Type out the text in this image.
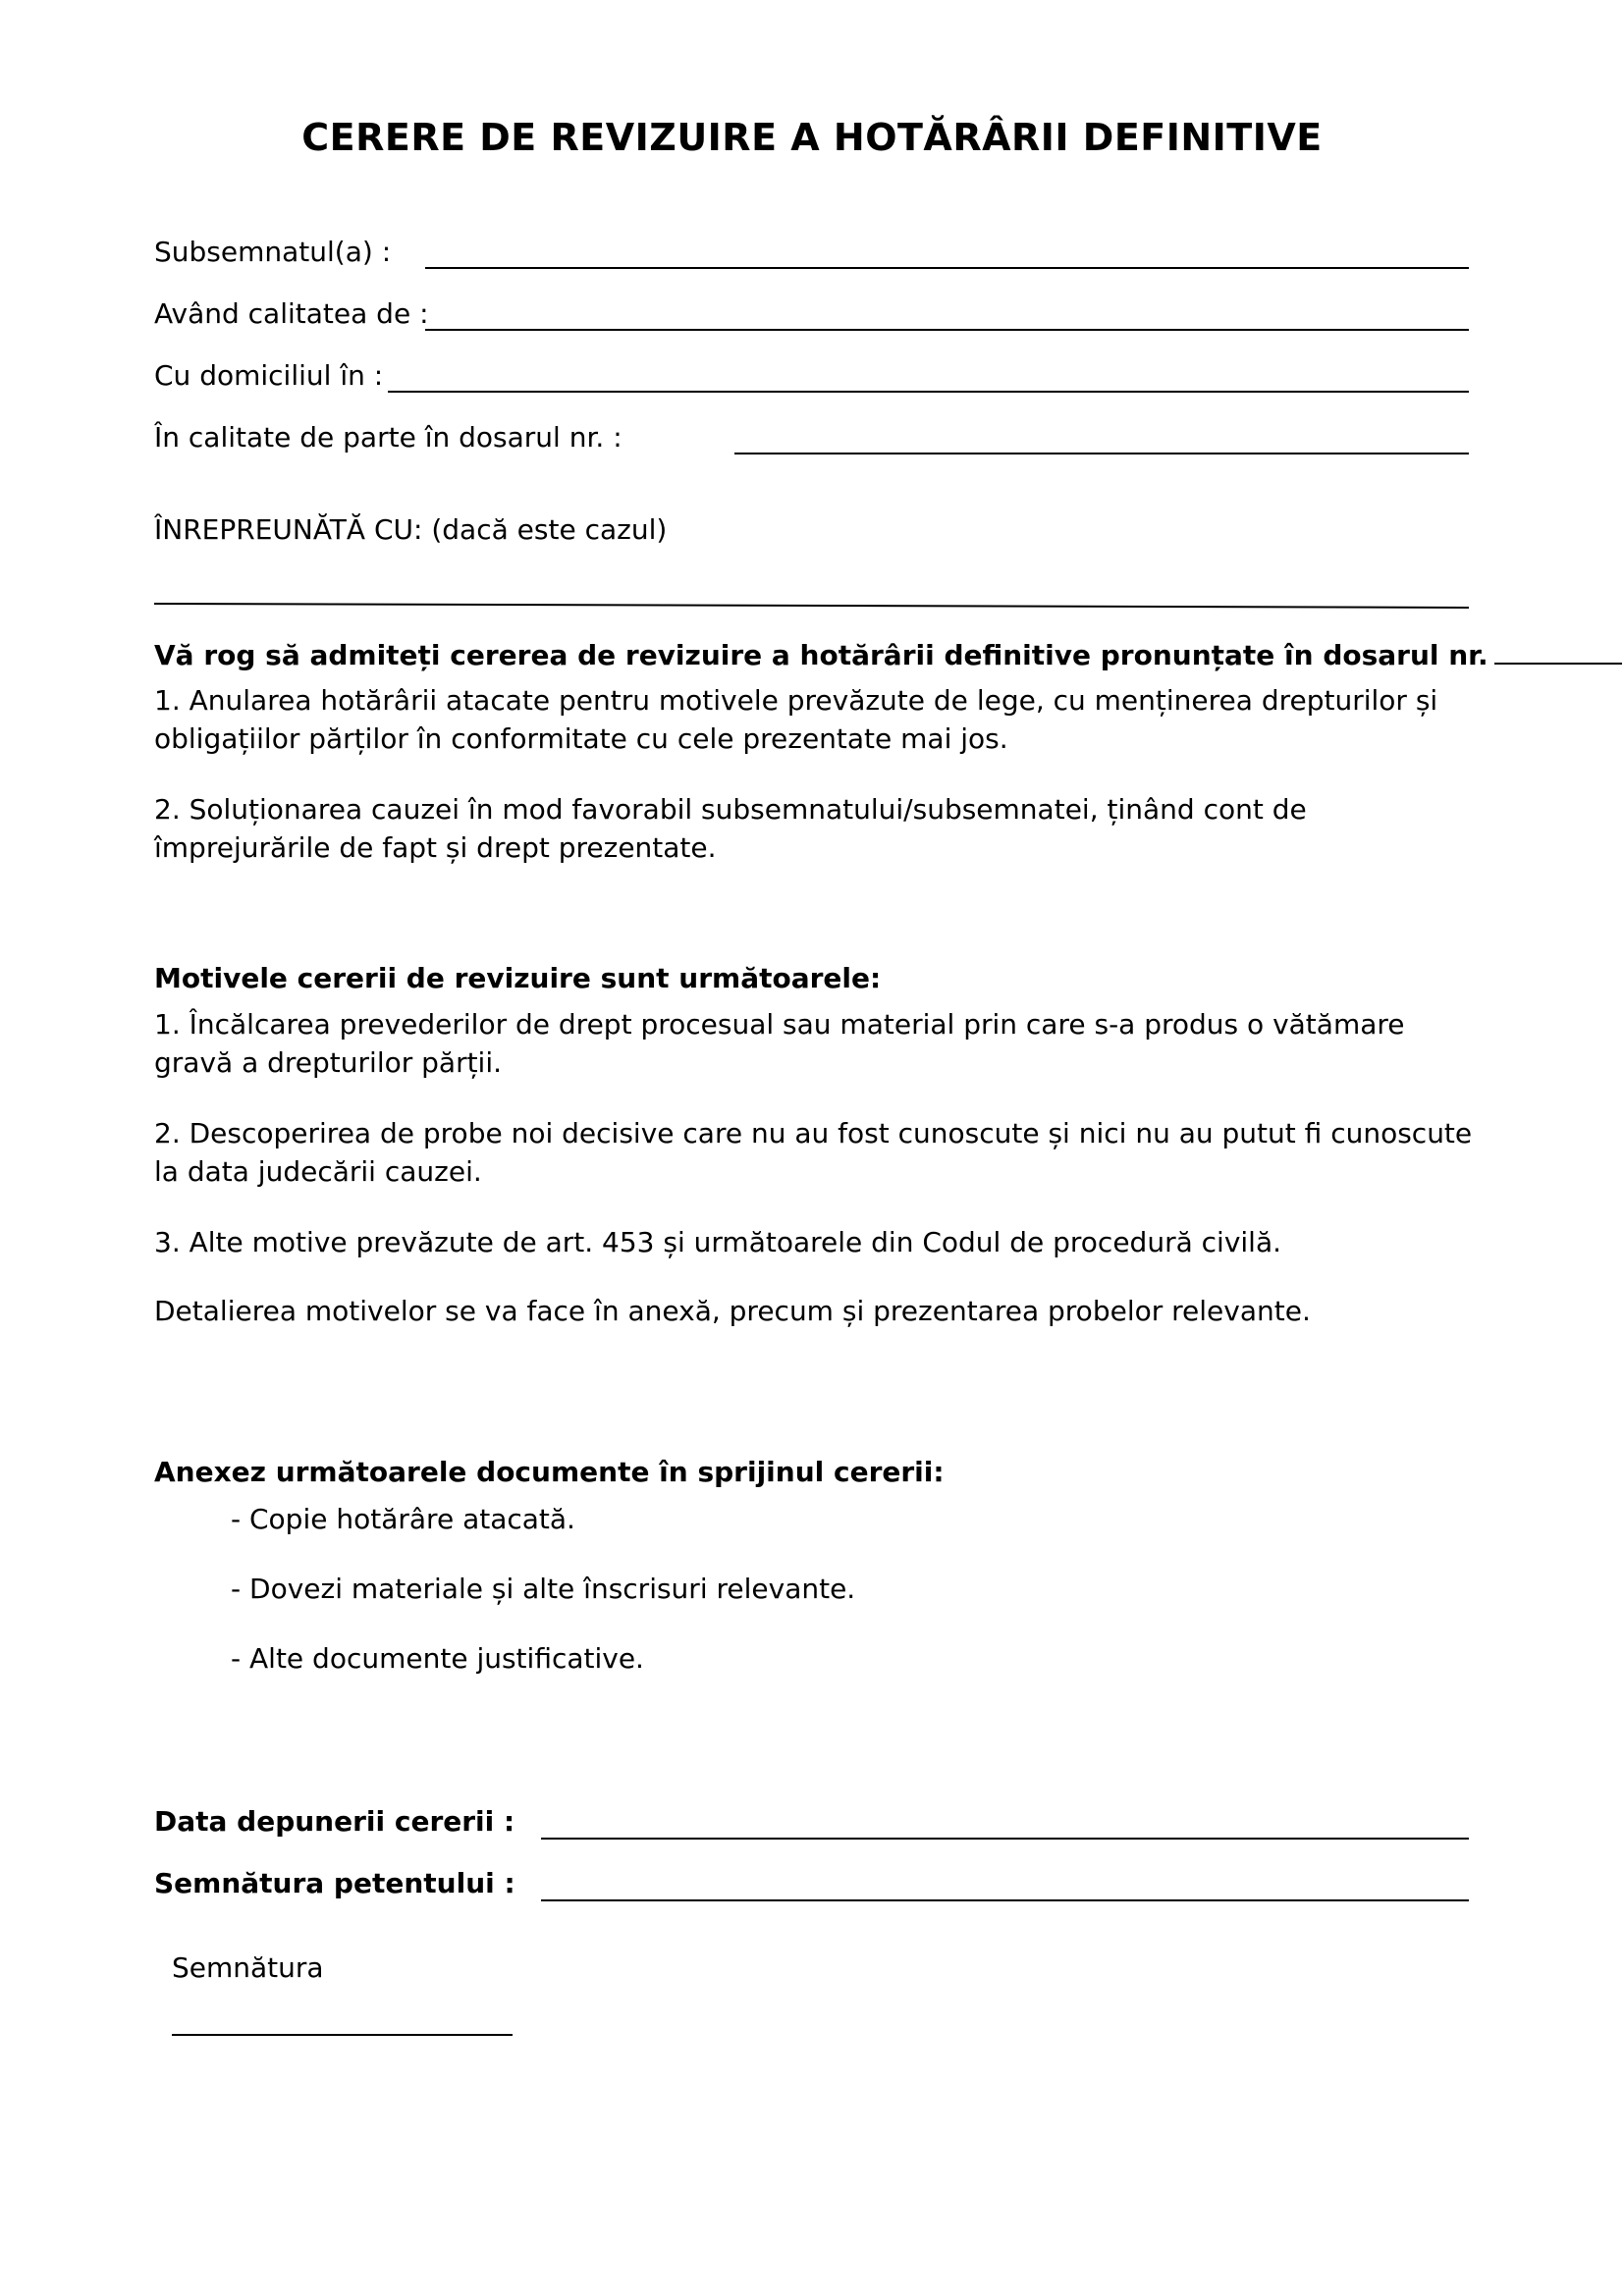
CERERE DE REVIZUIRE A HOTĂRÂRII DEFINITIVE
Subsemnatul(a) :
Având calitatea de :
Cu domiciliul în :
În calitate de parte în dosarul nr. :
ÎNREPREUNĂTĂ CU: (dacă este cazul)
Vă rog să admiteți cererea de revizuire a hotărârii definitive pronunțate în dosarul nr.
1. Anularea hotărârii atacate pentru motivele prevăzute de lege, cu menținerea drepturilor și obligațiilor părților în conformitate cu cele prezentate mai jos.
2. Soluționarea cauzei în mod favorabil subsemnatului/subsemnatei, ținând cont de împrejurările de fapt și drept prezentate.
Motivele cererii de revizuire sunt următoarele:
1. Încălcarea prevederilor de drept procesual sau material prin care s-a produs o vătămare gravă a drepturilor părții.
2. Descoperirea de probe noi decisive care nu au fost cunoscute și nici nu au putut fi cunoscute la data judecării cauzei.
3. Alte motive prevăzute de art. 453 și următoarele din Codul de procedură civilă.
Detalierea motivelor se va face în anexă, precum și prezentarea probelor relevante.
Anexez următoarele documente în sprijinul cererii:
- Copie hotărâre atacată.
- Dovezi materiale și alte înscrisuri relevante.
- Alte documente justificative.
Data depunerii cererii :
Semnătura petentului :
Semnătura
